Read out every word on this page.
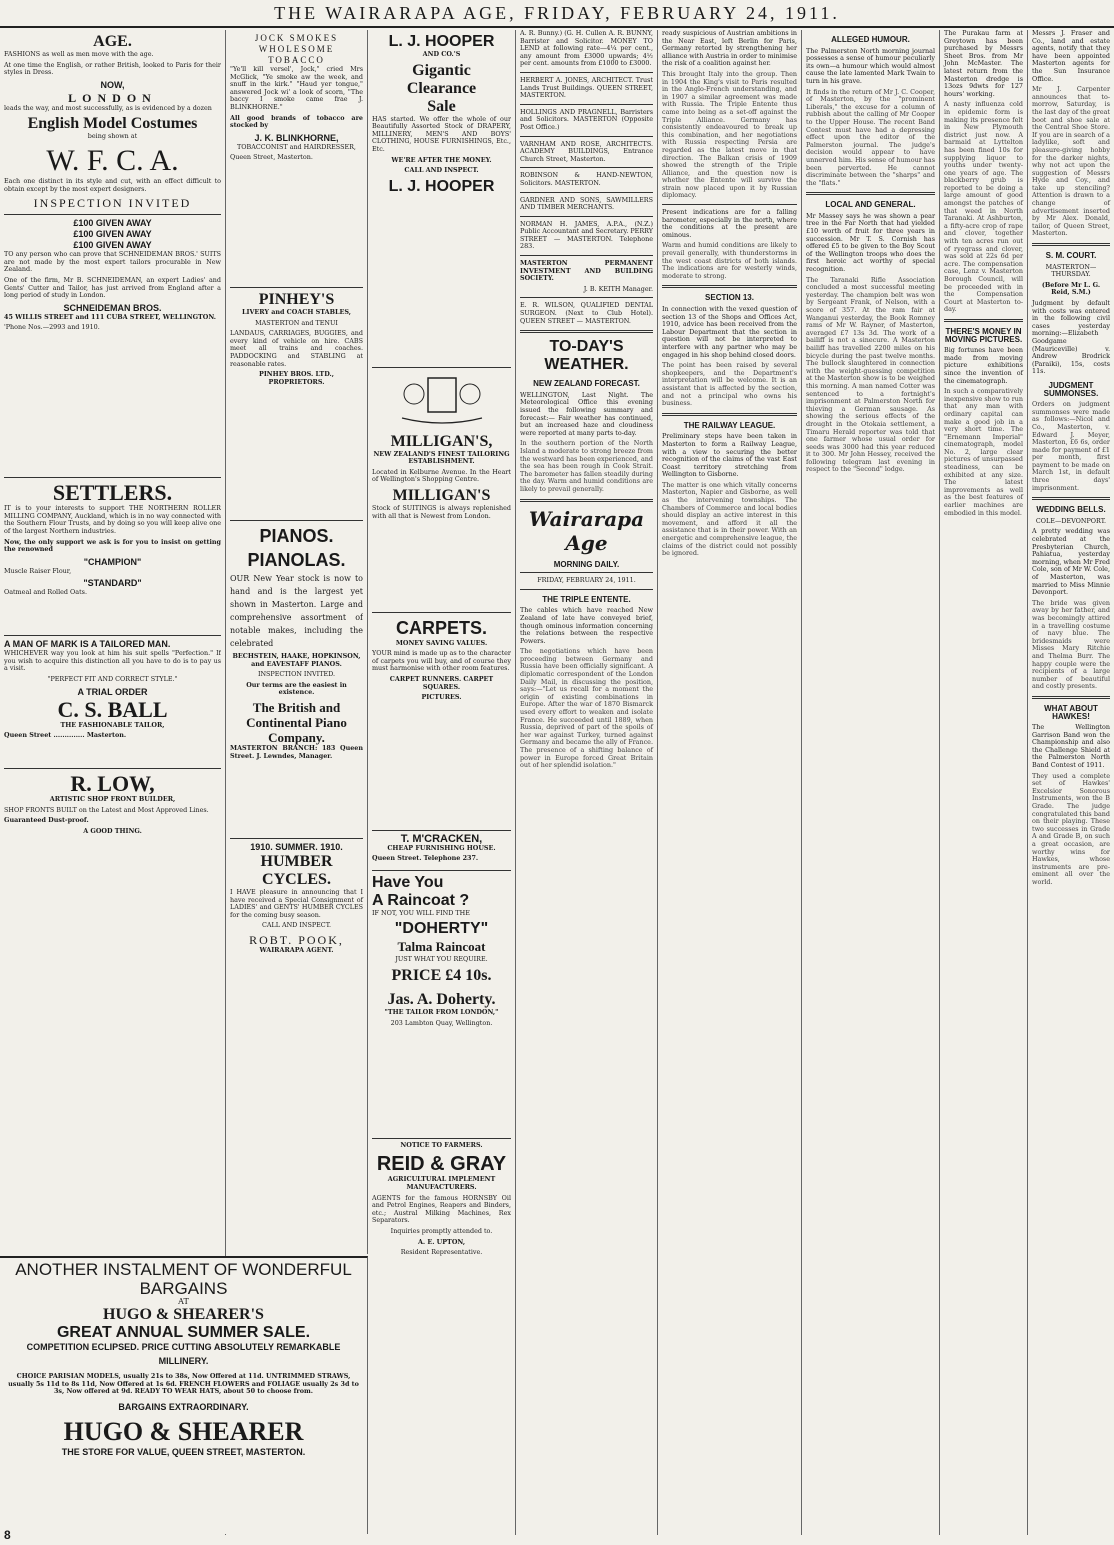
THE WAIRARAPA AGE, FRIDAY, FEBRUARY 24, 1911.
AGE.

FASHIONS as well as men move with the age.

At one time the English, or rather British, looked to Paris for their styles in Dress.

NOW,
LONDON

leads the way, and most successfully, as is evidenced by a dozen

English Model Costumes

being shown at

W. F. C. A.

Each one distinct in its style and cut, with an effect difficult to obtain except by the most expert designers.

INSPECTION INVITED
£100 GIVEN AWAY
£100 GIVEN AWAY
£100 GIVEN AWAY

TO any person who can prove that SCHNEIDEMAN BROS.' SUITS are not made by the most expert tailors procurable in New Zealand.

One of the firm, Mr B. SCHNEIDEMAN, an expert Ladies' and Gents' Cutter and Tailor, has just arrived from England after a long period of study in London.

SCHNEIDEMAN BROS.

45 WILLIS STREET and 111 CUBA STREET, WELLINGTON.

'Phone Nos.—2993 and 1910.

SETTLERS.

IT is to your interests to support THE NORTHERN ROLLER MILLING COMPANY, Auckland, which is in no way connected with the Southern Flour Trusts, and by doing so you will keep alive one of the largest Northern industries.

Now, the only support we ask is for you to insist on getting the renowned

"CHAMPION"

Muscle Raiser Flour,

"STANDARD"

Oatmeal and Rolled Oats.

A MAN OF MARK IS A TAILORED MAN.

WHICHEVER way you look at him his suit spells "Perfection." If you wish to acquire this distinction all you have to do is to pay us a visit.

"PERFECT FIT AND CORRECT STYLE."

A TRIAL ORDER
C. S. BALL

THE FASHIONABLE TAILOR,

Queen Street .............. Masterton.

R. LOW,

ARTISTIC SHOP FRONT BUILDER,

SHOP FRONTS BUILT on the Latest and Most Approved Lines.

Guaranteed Dust-proof.

A GOOD THING.

JOCK SMOKES WHOLESOME TOBACCO

"Ye'll kill versel', Jock," cried Mrs McGlick, "Ye smoke aw the week, and snuff in the kirk." "Haud yer tongue," answered Jock wi' a look of scorn, "The baccy I smoke came frae J. BLINKHORNE."

All good brands of tobacco are stocked by

J. K. BLINKHORNE,

TOBACCONIST and HAIRDRESSER,

Queen Street, Masterton.

PINHEY'S

LIVERY and COACH STABLES,

MASTERTON and TENUI

LANDAUS, CARRIAGES, BUGGIES, and every kind of vehicle on hire. CABS meet all trains and coaches. PADDOCKING and STABLING at reasonable rates.

PINHEY BROS. LTD., PROPRIETORS.

PIANOS.
PIANOLAS.

OUR New Year stock is now to hand and is the largest yet shown in Masterton. Large and comprehensive assortment of notable makes, including the celebrated

BECHSTEIN, HAAKE, HOPKINSON, and EAVESTAFF PIANOS.

INSPECTION INVITED.

Our terms are the easiest in existence.

The British and Continental Piano Company.

MASTERTON BRANCH: 183 Queen Street. J. Lewndes, Manager.

1910. SUMMER. 1910.
HUMBER CYCLES.

I HAVE pleasure in announcing that I have received a Special Consignment of LADIES' and GENTS' HUMBER CYCLES for the coming busy season.

CALL AND INSPECT.

ROBT. POOK,

WAIRARAPA AGENT.

ANOTHER INSTALMENT OF WONDERFUL BARGAINS
AT
HUGO & SHEARER'S
GREAT ANNUAL SUMMER SALE.
COMPETITION ECLIPSED. PRICE CUTTING ABSOLUTELY REMARKABLE
MILLINERY.

CHOICE PARISIAN MODELS, usually 21s to 38s, Now Offered at 11d. UNTRIMMED STRAWS, usually 5s 11d to 8s 11d, Now Offered at 1s 6d. FRENCH FLOWERS and FOLIAGE usually 2s 3d to 3s, Now offered at 9d. READY TO WEAR HATS, about 50 to choose from.

BARGAINS EXTRAORDINARY.
HUGO & SHEARER
THE STORE FOR VALUE, QUEEN STREET, MASTERTON.
L. J. HOOPER

AND CO.'S

Gigantic
Clearance
Sale

HAS started. We offer the whole of our Beautifully Assorted Stock of DRAPERY, MILLINERY, MEN'S AND BOYS' CLOTHING, HOUSE FURNISHINGS, Etc., Etc.

WE'RE AFTER THE MONEY.

CALL AND INSPECT.

L. J. HOOPER
MILLIGAN'S,

NEW ZEALAND'S FINEST TAILORING ESTABLISHMENT.

Located in Kelburne Avenue. In the Heart of Wellington's Shopping Centre.

MILLIGAN'S

Stock of SUITINGS is always replenished with all that is Newest from London.

CARPETS.

MONEY SAVING VALUES.

YOUR mind is made up as to the character of carpets you will buy, and of course they must harmonise with other room features.

CARPET RUNNERS. CARPET SQUARES.

PICTURES.

T. M'CRACKEN,

CHEAP FURNISHING HOUSE.

Queen Street. Telephone 237.

Have You
A Raincoat ?

IF NOT, YOU WILL FIND THE

"DOHERTY"
Talma Raincoat

JUST WHAT YOU REQUIRE.

PRICE £4 10s.
Jas. A. Doherty.

"THE TAILOR FROM LONDON,"

203 Lambton Quay, Wellington.

NOTICE TO FARMERS.

REID & GRAY

AGRICULTURAL IMPLEMENT MANUFACTURERS.

AGENTS for the famous HORNSBY Oil and Petrol Engines, Reapers and Binders, etc.; Austral Milking Machines, Rex Separators.

Inquiries promptly attended to.

A. E. UPTON,

Resident Representative.

A. R. Bunny.) (G. H. Cullen A. R. BUNNY, Barrister and Solicitor. MONEY TO LEND at following rate—4¼ per cent., any amount from £3000 upwards; 4½ per cent. amounts from £1000 to £3000.

HERBERT A. JONES, ARCHITECT. Trust Lands Trust Buildings. QUEEN STREET, MASTERTON.

HOLLINGS AND PRAGNELL, Barristers and Solicitors. MASTERTON (Opposite Post Office.)

VARNHAM AND ROSE, ARCHITECTS. ACADEMY BUILDINGS, Entrance Church Street, Masterton.

ROBINSON & HAND-NEWTON, Solicitors. MASTERTON.

GARDNER AND SONS, SAWMILLERS AND TIMBER MERCHANTS.

NORMAN H. JAMES, A.P.A., (N.Z.) Public Accountant and Secretary. PERRY STREET — MASTERTON. Telephone 283.

MASTERTON PERMANENT INVESTMENT AND BUILDING SOCIETY.

J. B. KEITH Manager.

E. R. WILSON, QUALIFIED DENTAL SURGEON. (Next to Club Hotel). QUEEN STREET — MASTERTON.

TO-DAY'S WEATHER.
NEW ZEALAND FORECAST.

WELLINGTON, Last Night. The Meteorological Office this evening issued the following summary and forecast:— Fair weather has continued, but an increased haze and cloudiness were reported at many parts to-day.

In the southern portion of the North Island a moderate to strong breeze from the westward has been experienced, and the sea has been rough in Cook Strait. The barometer has fallen steadily during the day. Warm and humid conditions are likely to prevail generally.

Wairarapa Age
MORNING DAILY.

FRIDAY, FEBRUARY 24, 1911.

THE TRIPLE ENTENTE.

The cables which have reached New Zealand of late have conveyed brief, though ominous information concerning the relations between the respective Powers.

The negotiations which have been proceeding between Germany and Russia have been officially significant. A diplomatic correspondent of the London Daily Mail, in discussing the position, says:—"Let us recall for a moment the origin of existing combinations in Europe. After the war of 1870 Bismarck used every effort to weaken and isolate France. He succeeded until 1889, when Russia, deprived of part of the spoils of her war against Turkey, turned against Germany and became the ally of France. The presence of a shifting balance of power in Europe forced Great Britain out of her splendid isolation."

ready suspicious of Austrian ambitions in the Near East, left Berlin for Paris, Germany retorted by strengthening her alliance with Austria in order to minimise the risk of a coalition against her.

This brought Italy into the group. Then in 1904 the King's visit to Paris resulted in the Anglo-French understanding, and in 1907 a similar agreement was made with Russia. The Triple Entente thus came into being as a set-off against the Triple Alliance. Germany has consistently endeavoured to break up this combination, and her negotiations with Russia respecting Persia are regarded as the latest move in that direction. The Balkan crisis of 1909 showed the strength of the Triple Alliance, and the question now is whether the Entente will survive the strain now placed upon it by Russian diplomacy.

Present indications are for a falling barometer, especially in the north, where the conditions at the present are ominous.

Warm and humid conditions are likely to prevail generally, with thunderstorms in the west coast districts of both islands. The indications are for westerly winds, moderate to strong.

SECTION 13.

In connection with the vexed question of section 13 of the Shops and Offices Act, 1910, advice has been received from the Labour Department that the section in question will not be interpreted to interfere with any partner who may be engaged in his shop behind closed doors.

The point has been raised by several shopkeepers, and the Department's interpretation will be welcome. It is an assistant that is affected by the section, and not a principal who owns his business.

THE RAILWAY LEAGUE.

Preliminary steps have been taken in Masterton to form a Railway League, with a view to securing the better recognition of the claims of the vast East Coast territory stretching from Wellington to Gisborne.

The matter is one which vitally concerns Masterton, Napier and Gisborne, as well as the intervening townships. The Chambers of Commerce and local bodies should display an active interest in this movement, and afford it all the assistance that is in their power. With an energetic and comprehensive league, the claims of the district could not possibly be ignored.

ALLEGED HUMOUR.

The Palmerston North morning journal possesses a sense of humour peculiarly its own—a humour which would almost cause the late lamented Mark Twain to turn in his grave.

It finds in the return of Mr J. C. Cooper, of Masterton, by the "prominent Liberals," the excuse for a column of rubbish about the calling of Mr Cooper to the Upper House. The recent Band Contest must have had a depressing effect upon the editor of the Palmerston journal. The judge's decision would appear to have unnerved him. His sense of humour has been perverted. He cannot discriminate between the "sharps" and the "flats."

LOCAL AND GENERAL.

Mr Massey says he was shown a pear tree in the Far North that had yielded £10 worth of fruit for three years in succession. Mr T. S. Cornish has offered £5 to be given to the Boy Scout of the Wellington troops who does the first heroic act worthy of special recognition.

The Taranaki Rifle Association concluded a most successful meeting yesterday. The champion belt was won by Sergeant Frank, of Nelson, with a score of 357. At the ram fair at Wanganui yesterday, the Book Romney rams of Mr W. Rayner, of Masterton, averaged £7 13s 3d. The work of a bailiff is not a sinecure. A Masterton bailiff has travelled 2200 miles on his bicycle during the past twelve months. The bullock slaughtered in connection with the weight-guessing competition at the Masterton show is to be weighed this morning. A man named Cotter was sentenced to a fortnight's imprisonment at Palmerston North for thieving a German sausage. As showing the serious effects of the drought in the Otokaia settlement, a Timaru Herald reporter was told that one farmer whose usual order for seeds was 3000 had this year reduced it to 300. Mr John Hessey, received the following telegram last evening in respect to the "Second" lodge.

The Purakau farm at Greytown has been purchased by Messrs Sheet Bros. from Mr John McMaster. The latest return from the Masterton dredge is 13ozs 9dwts for 127 hours' working.

A nasty influenza cold in epidemic form is making its presence felt in New Plymouth district just now. A barmaid at Lyttelton has been fined 10s for supplying liquor to youths under twenty-one years of age. The blackberry grub is reported to be doing a large amount of good amongst the patches of that weed in North Taranaki. At Ashburton, a fifty-acre crop of rape and clover, together with ten acres run out of ryegrass and clover, was sold at 22s 6d per acre. The compensation case, Lenz v. Masterton Borough Council, will be proceeded with in the Compensation Court at Masterton to-day.

THERE'S MONEY IN MOVING PICTURES.

Big fortunes have been made from moving picture exhibitions since the invention of the cinematograph.

In such a comparatively inexpensive show to run that any man with ordinary capital can make a good job in a very short time. The "Ernemann Imperial" cinematograph, model No. 2, large clear pictures of unsurpassed steadiness, can be exhibited at any size. The latest improvements as well as the best features of earlier machines are embodied in this model.

Messrs J. Fraser and Co., land and estate agents, notify that they have been appointed Masterton agents for the Sun Insurance Office.

Mr J. Carpenter announces that to-morrow, Saturday, is the last day of the great boot and shoe sale at the Central Shoe Store. If you are in search of a ladylike, soft and pleasure-giving hobby for the darker nights, why not act upon the suggestion of Messrs Hyde and Coy., and take up stenciling? Attention is drawn to a change of advertisement inserted by Mr Alex. Donald, tailor, of Queen Street, Masterton.

S. M. COURT.

MASTERTON—THURSDAY.

(Before Mr L. G. Reid, S.M.)

Judgment by default with costs was entered in the following civil cases yesterday morning:—Elizabeth Goodgame (Mauriceville) v. Andrew Brodrick (Paraiki), 15s, costs 11s.

JUDGMENT SUMMONSES.

Orders on judgment summonses were made as follows:—Nicol and Co., Masterton, v. Edward J. Meyer, Masterton, £6 6s, order made for payment of £1 per month, first payment to be made on March 1st, in default three days' imprisonment.

WEDDING BELLS.

COLE—DEVONPORT.

A pretty wedding was celebrated at the Presbyterian Church, Pahiatua, yesterday morning, when Mr Fred Cole, son of Mr W. Cole, of Masterton, was married to Miss Minnie Devonport.

The bride was given away by her father, and was becomingly attired in a travelling costume of navy blue. The bridesmaids were Misses Mary Ritchie and Thelma Burr. The happy couple were the recipients of a large number of beautiful and costly presents.

WHAT ABOUT HAWKES!

The Wellington Garrison Band won the Championship and also the Challenge Shield at the Palmerston North Band Contest of 1911.

They used a complete set of Hawkes' Excelsior Sonorous Instruments, won the B Grade. The judge congratulated this band on their playing. These two successes in Grade A and Grade B, on such a great occasion, are worthy wins for Hawkes, whose instruments are pre-eminent all over the world.

8
